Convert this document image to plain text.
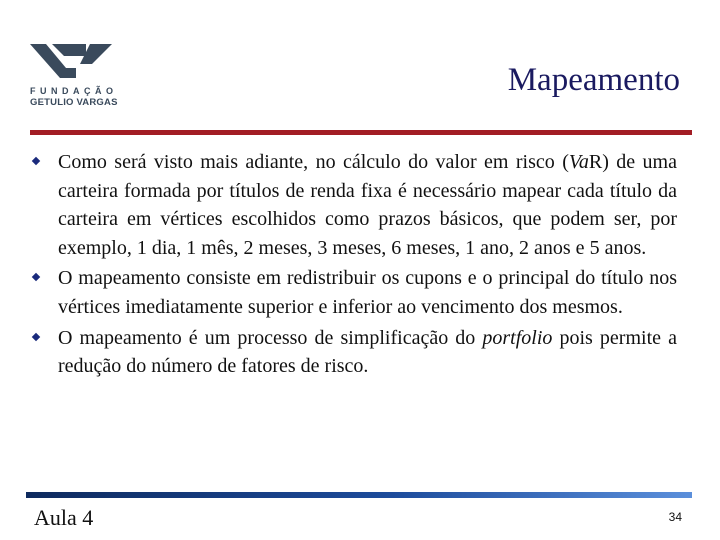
FUNDAÇÃO
GETULIO VARGAS
Mapeamento

Como será visto mais adiante, no cálculo do valor em risco (VaR) de uma carteira formada por títulos de renda fixa é necessário mapear cada título da carteira em vértices escolhidos como prazos básicos, que podem ser, por exemplo, 1 dia, 1 mês, 2 meses, 3 meses, 6 meses, 1 ano, 2 anos e 5 anos.

O mapeamento consiste em redistribuir os cupons e o principal do título nos vértices imediatamente superior e inferior ao vencimento dos mesmos.

O mapeamento é um processo de simplificação do portfolio pois permite a redução do número de fatores de risco.

Aula 4	34
